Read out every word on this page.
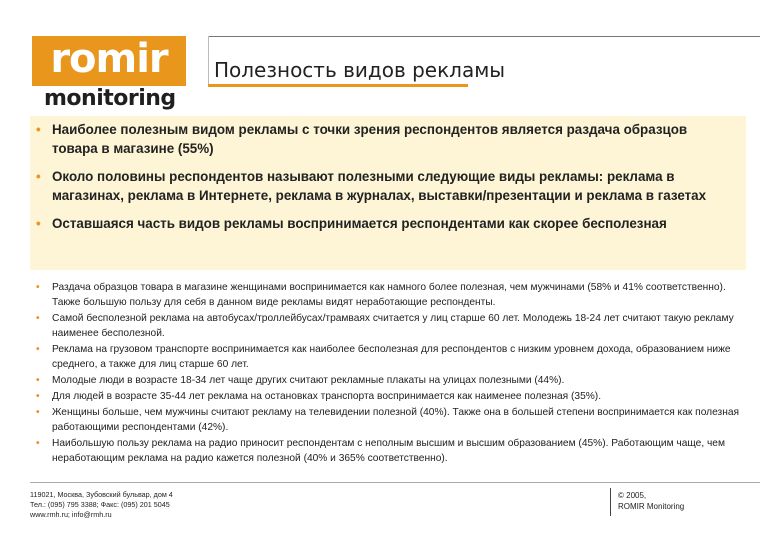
romir
monitoring
Полезность видов рекламы
• Наиболее полезным видом рекламы с точки зрения респондентов является раздача образцов товара в магазине (55%)
• Около половины респондентов называют полезными следующие виды рекламы: реклама в магазинах, реклама в Интернете, реклама в журналах, выставки/презентации и реклама в газетах
• Оставшаяся часть видов рекламы воспринимается респондентами как скорее бесполезная
• Раздача образцов товара в магазине женщинами воспринимается как намного более полезная, чем мужчинами (58% и 41% соответственно). Также большую пользу для себя в данном виде рекламы видят неработающие респонденты.
• Самой бесполезной реклама на автобусах/троллейбусах/трамваях считается у лиц старше 60 лет. Молодежь 18-24 лет считают такую рекламу наименее бесполезной.
• Реклама на грузовом транспорте воспринимается как наиболее бесполезная для респондентов с низким уровнем дохода, образованием ниже среднего, а также для лиц старше 60 лет.
• Молодые люди в возрасте 18-34 лет чаще других считают рекламные плакаты на улицах полезными (44%).
• Для людей в возрасте 35-44 лет реклама на остановках транспорта воспринимается как наименее полезная (35%).
• Женщины больше, чем мужчины считают рекламу на телевидении полезной (40%). Также она в большей степени воспринимается как полезная работающими респондентами (42%).
• Наибольшую пользу реклама на радио приносит респондентам с неполным высшим и высшим образованием (45%). Работающим чаще, чем неработающим реклама на радио кажется полезной (40% и 365% соответственно).
119021, Москва, Зубовский бульвар, дом 4
Тел.: (095) 795 3388; Факс: (095) 201 5045
www.rmh.ru; info@rmh.ru
© 2005,
ROMIR Monitoring
